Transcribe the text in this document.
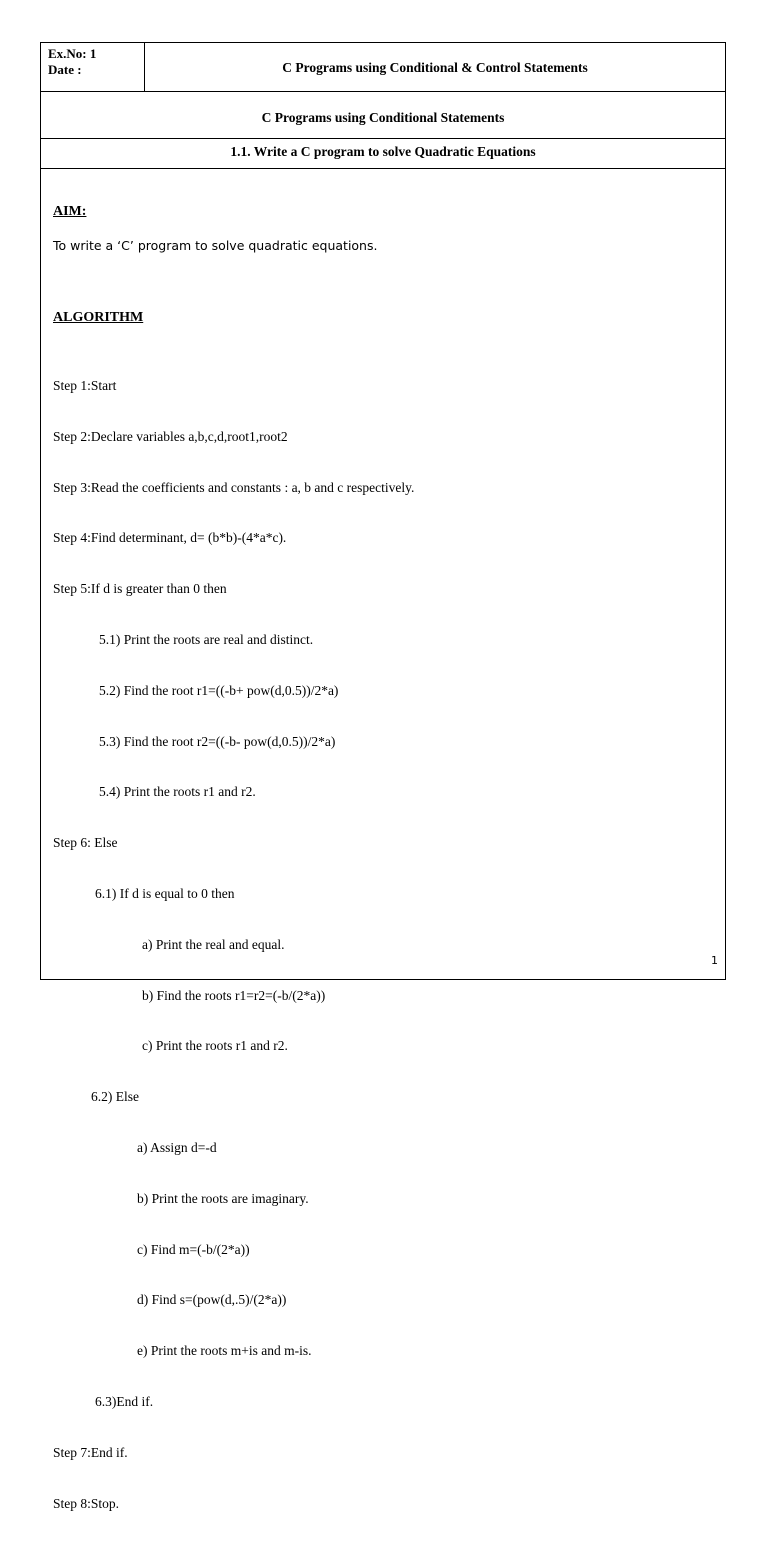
Ex.No: 1
Date :	C Programs using Conditional & Control Statements
C Programs using Conditional Statements
1.1. Write a C program to solve Quadratic Equations
AIM:
To write a ‘C’ program to solve quadratic equations.
ALGORITHM

Step 1:Start

Step 2:Declare variables a,b,c,d,root1,root2

Step 3:Read the coefficients and constants : a, b and c respectively.

Step 4:Find determinant, d= (b*b)-(4*a*c).

Step 5:If d is greater than 0 then

5.1) Print the roots are real and distinct.

5.2) Find the root r1=((-b+ pow(d,0.5))/2*a)

5.3) Find the root r2=((-b- pow(d,0.5))/2*a)

5.4) Print the roots r1 and r2.

Step 6: Else

6.1) If d is equal to 0 then

a) Print the real and equal.

b) Find the roots r1=r2=(-b/(2*a))

c) Print the roots r1 and r2.

6.2) Else

a) Assign d=-d

b) Print the roots are imaginary.

c) Find m=(-b/(2*a))

d) Find s=(pow(d,.5)/(2*a))

e) Print the roots m+is and m-is.

6.3)End if.

Step 7:End if.

Step 8:Stop.

1
